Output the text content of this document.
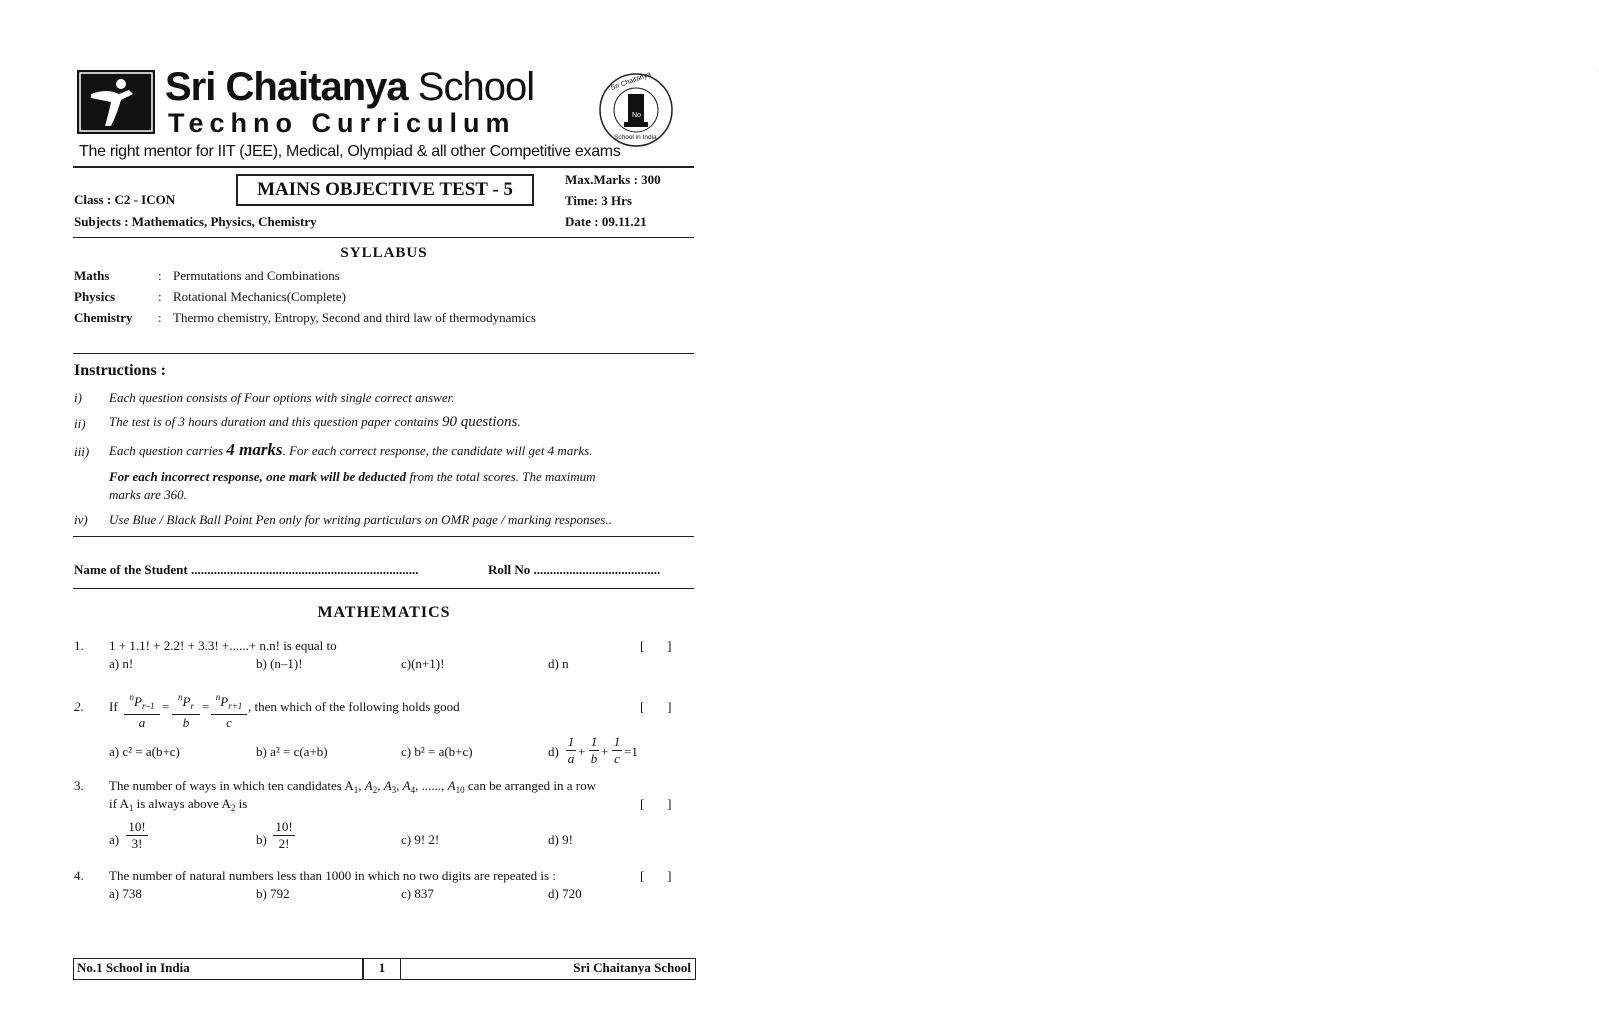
Sri Chaitanya School
Techno Curriculum
Sri Chaitanya	1
No
School in India
The right mentor for IIT (JEE), Medical, Olympiad & all other Competitive exams
MAINS OBJECTIVE TEST - 5
Class : C2 - ICON
Subjects : Mathematics, Physics, Chemistry
Max.Marks : 300
Time: 3 Hrs
Date : 09.11.21
SYLLABUS
Maths	: Permutations and Combinations
Physics	: Rotational Mechanics(Complete)
Chemistry : Thermo chemistry, Entropy, Second and third law of thermodynamics
Instructions :
i) Each question consists of Four options with single correct answer.
ii) The test is of 3 hours duration and this question paper contains 90 questions.
iii) Each question carries 4 marks. For each correct response, the candidate will get 4 marks.
For each incorrect response, one mark will be deducted from the total scores. The maximum
marks are 360.
iv) Use Blue / Black Ball Point Pen only for writing particulars on OMR page / marking responses..
Name of the Student ......................................................................	Roll No .......................................
MATHEMATICS
1. 1 + 1.1! + 2.2! + 3.3! +......+ n.n! is equal to	[       ]
a) n!	b) (n–1)!	c)(n+1)!	d) n
2. If
$^nP_{r-1}$
a
=
$^nP_r$
b
=
$^nP_{r+1}$
c
, then which of the following holds good	[       ]
a) c² = a(b+c)	b) a² = c(a+b)	c) b² = a(b+c)	d)
1
a +
1
b +
1
c =1
3. The number of ways in which ten candidates $A_1$, $A_2$, $A_3$, $A_4$, ......, $A_{10}$ can be arranged in a row
if $A_1$ is always above $A_2$ is	[       ]
a)
10!
3!	b)
10!
2!	c) 9! 2!	d) 9!
4. The number of natural numbers less than 1000 in which no two digits are repeated is :	[       ]
a) 738	b) 792	c) 837	d) 720
No.1 School in India	1	Sri Chaitanya School
